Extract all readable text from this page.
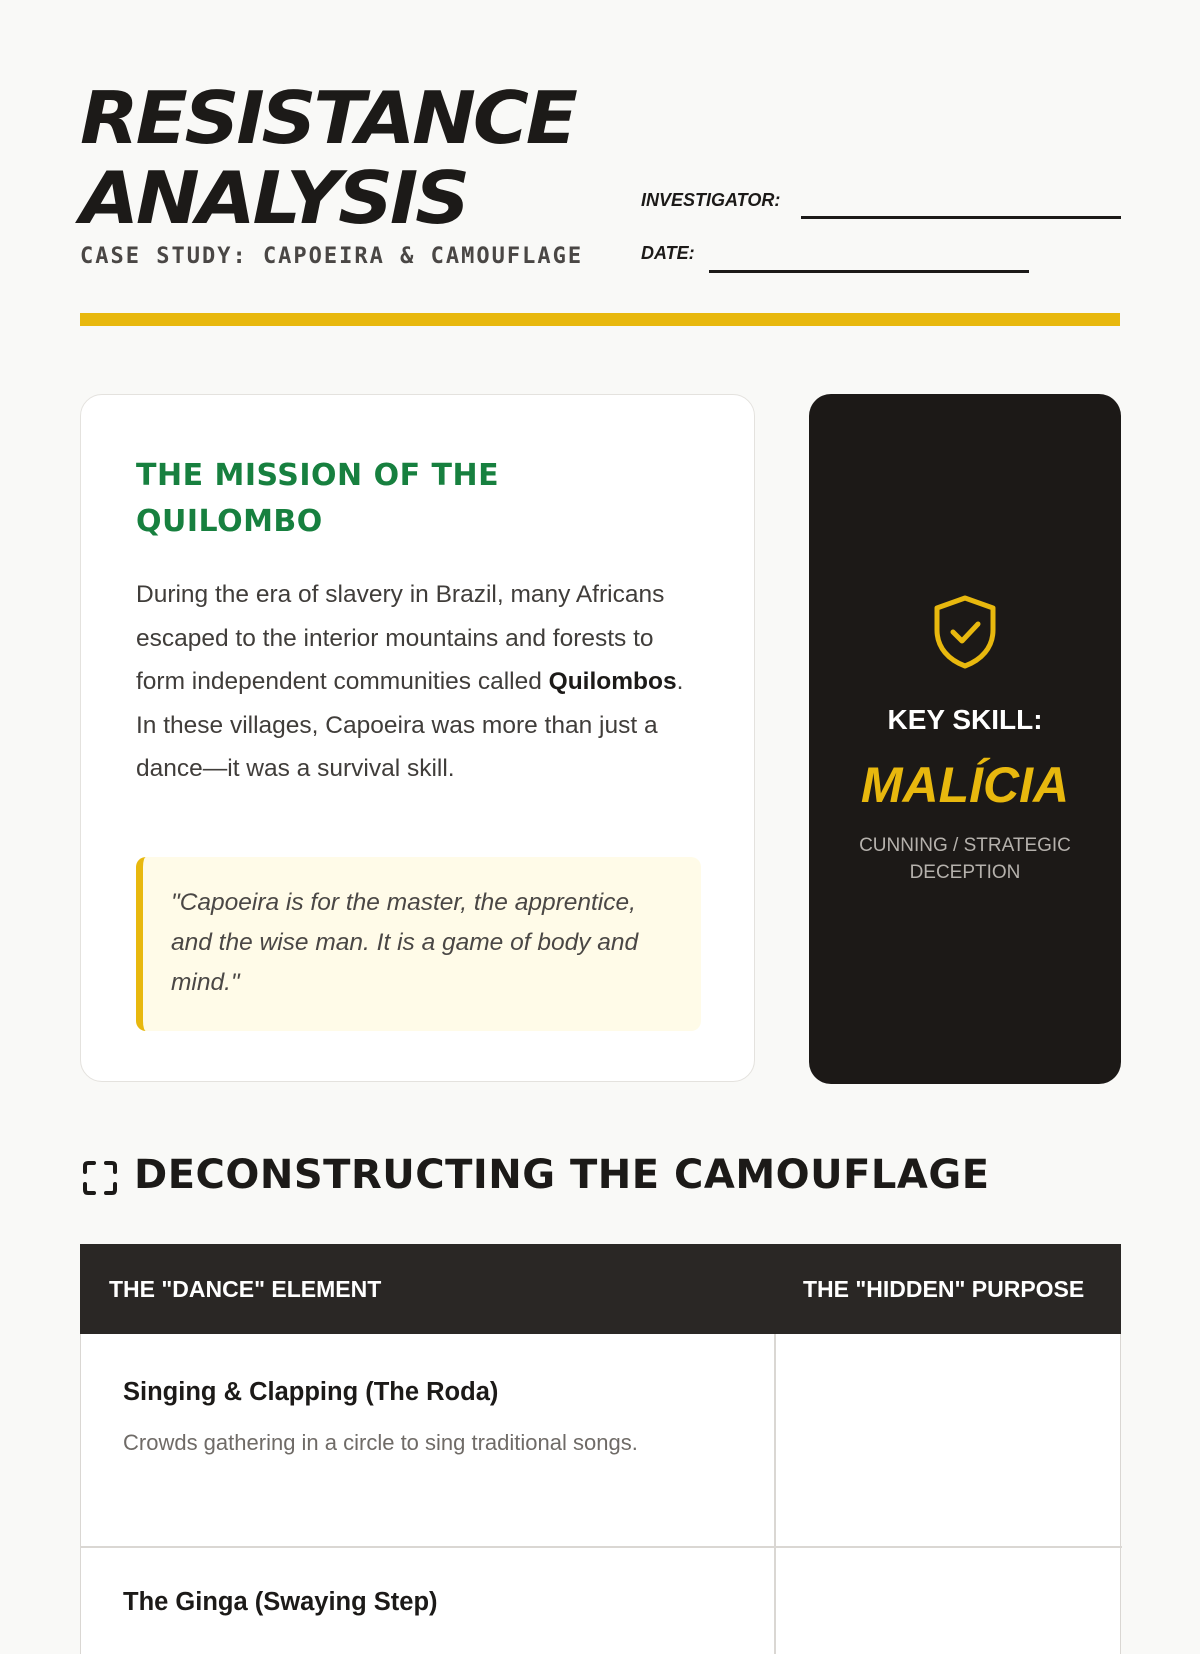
RESISTANCE
ANALYSIS
CASE STUDY: CAPOEIRA & CAMOUFLAGE
INVESTIGATOR:
DATE:
THE MISSION OF THE QUILOMBO

During the era of slavery in Brazil, many Africans escaped to the interior mountains and forests to form independent communities called Quilombos. In these villages, Capoeira was more than just a dance—it was a survival skill.

"Capoeira is for the master, the apprentice, and the wise man. It is a game of body and mind."

KEY SKILL:
MALÍCIA
CUNNING / STRATEGIC DECEPTION
DECONSTRUCTING THE CAMOUFLAGE
THE "DANCE" ELEMENT	THE "HIDDEN" PURPOSE
Singing & Clapping (The Roda)
Crowds gathering in a circle to sing traditional songs.
The Ginga (Swaying Step)
